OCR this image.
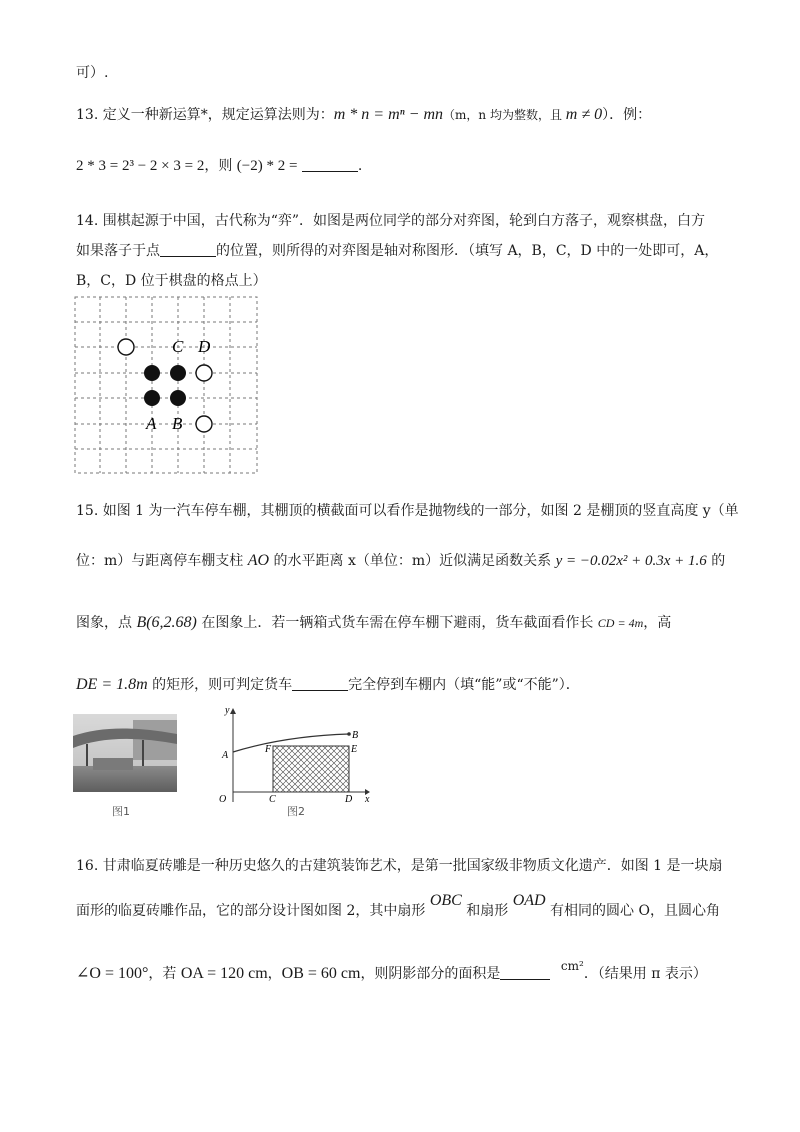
可）.
13. 定义一种新运算*，规定运算法则为：m * n = mⁿ − mn（m，n 均为整数，且 m ≠ 0）．例：
2 * 3 = 2³ − 2 × 3 = 2，则 (−2) * 2 =	.
14. 围棋起源于中国，古代称为“弈”．如图是两位同学的部分对弈图，轮到白方落子，观察棋盘，白方
如果落子于点	的位置，则所得的对弈图是轴对称图形．（填写 A，B，C，D 中的一处即可，A，
B，C，D 位于棋盘的格点上）
C D
A B
15. 如图 1 为一汽车停车棚，其棚顶的横截面可以看作是抛物线的一部分，如图 2 是棚顶的竖直高度 y（单
位：m）与距离停车棚支柱 AO 的水平距离 x（单位：m）近似满足函数关系 y = −0.02x² + 0.3x + 1.6 的
图象，点 B(6,2.68) 在图象上．若一辆箱式货车需在停车棚下避雨，货车截面看作长 CD = 4m，高
DE = 1.8m 的矩形，则可判定货车	完全停到车棚内（填“能”或“不能”）．
图1
y
x
O
A
B
C	D
E
F
图2
16. 甘肃临夏砖雕是一种历史悠久的古建筑装饰艺术，是第一批国家级非物质文化遗产．如图 1 是一块扇
面形的临夏砖雕作品，它的部分设计图如图 2，其中扇形 OBC 和扇形 OAD 有相同的圆心 O，且圆心角
∠O = 100°，若 OA = 120 cm，OB = 60 cm，则阴影部分的面积是	cm²．（结果用 π 表示）
